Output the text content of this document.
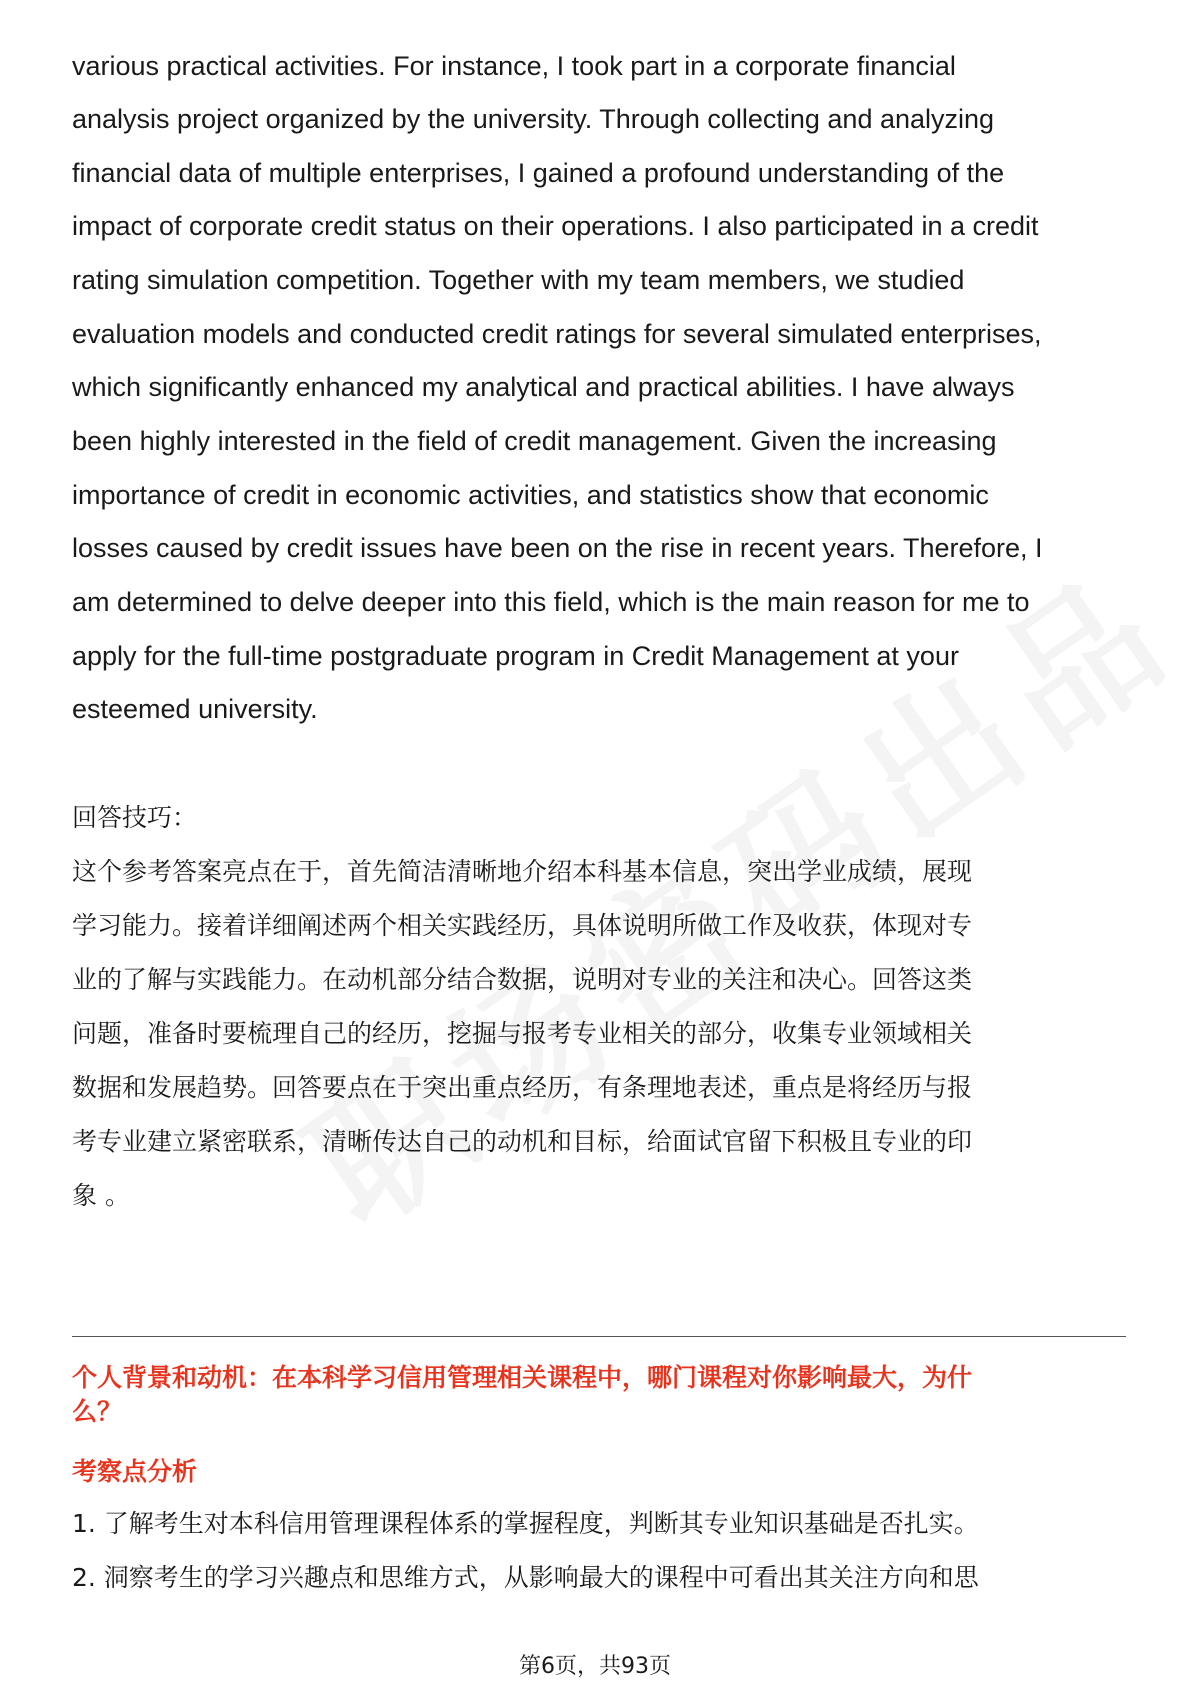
various practical activities. For instance, I took part in a corporate financial
analysis project organized by the university. Through collecting and analyzing
financial data of multiple enterprises, I gained a profound understanding of the
impact of corporate credit status on their operations. I also participated in a credit
rating simulation competition. Together with my team members, we studied
evaluation models and conducted credit ratings for several simulated enterprises,
which significantly enhanced my analytical and practical abilities. I have always
been highly interested in the field of credit management. Given the increasing
importance of credit in economic activities, and statistics show that economic
losses caused by credit issues have been on the rise in recent years. Therefore, I
am determined to delve deeper into this field, which is the main reason for me to
apply for the full-time postgraduate program in Credit Management at your
esteemed university.
回答技巧：
这个参考答案亮点在于，首先简洁清晰地介绍本科基本信息，突出学业成绩，展现
学习能力。接着详细阐述两个相关实践经历，具体说明所做工作及收获，体现对专
业的了解与实践能力。在动机部分结合数据，说明对专业的关注和决心。回答这类
问题，准备时要梳理自己的经历，挖掘与报考专业相关的部分，收集专业领域相关
数据和发展趋势。回答要点在于突出重点经历，有条理地表述，重点是将经历与报
考专业建立紧密联系，清晰传达自己的动机和目标，给面试官留下积极且专业的印
象 。
个人背景和动机：在本科学习信用管理相关课程中，哪门课程对你影响最大，为什
么？
考察点分析
1. 了解考生对本科信用管理课程体系的掌握程度，判断其专业知识基础是否扎实。
2. 洞察考生的学习兴趣点和思维方式，从影响最大的课程中可看出其关注方向和思
第6页，共93页
